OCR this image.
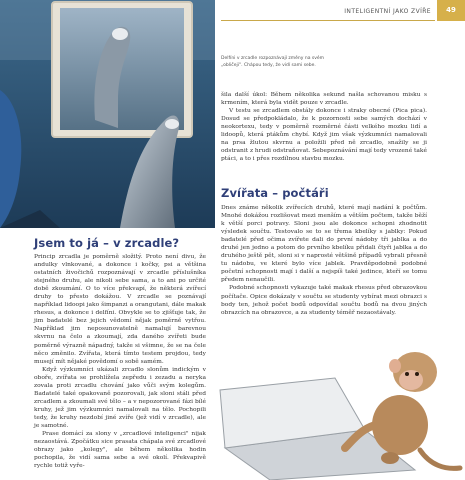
INTELIGENTNÍ JAKO ZVÍŘE	49
Delfíni v zrcadle rozpoznávají změny na svém „obličeji". Chápou tedy, že vidí sami sebe.

šila další úkol: Během několika sekund našla schovanou misku s krmením, která byla vidět pouze v zrcadle.

V testu se zrcadlem obstály dokonce i straky obecné (Pica pica). Dosud se předpokládalo, že k pozornosti sebe samých dochází v neokortexu, tedy v poměrně rozměrné části velkého mozku lidí a lidoopů, která ptákům chybí. Když jim však výzkumníci namalovali na prsa žlutou skvrnu a položili před ně zrcadlo, snažily se ji odstranit z hrudi odstraňovat. Sebepoznávání mají tedy vrozené také ptáci, a to i přes rozdílnou stavbu mozku.

Zvířata – počtáři

Dnes známe několik zvířecích druhů, které mají nadání k počtům. Mnohé dokážou rozlišovat mezi menším a větším počtem, takže běží k větší porci potravy. Sloni jsou ale dokonce schopni zhodnotit výsledek součtu. Testovalo se to se třema kbelíky s jablky: Pokud badatelé před očima zvířete dali do první nádoby tři jablka a do druhé jen jedno a potom do prvního kbelíku přidali čtyři jablka a do druhého ještě pět, sloni si v naprosté většině případů vybrali přesně tu nádobu, ve které bylo více jablek. Pravděpodobně podobné početní schopnosti mají i další a nejspíš také jedince, kteří se tomu předem nenaučili.

Podobné schopnosti vykazuje také makak rhesus před obrazovkou počítače. Opice dokázaly v součtu se studenty vybírat mezi obrazci s body ten, jehož počet bodů odpovídal součtu bodů na dvou jiných obrazcích na obrazovce, a za studenty téměř nezaostávaly.

Jsem to já – v zrcadle?

Princip zrcadla je poměrně složitý. Proto není divu, že andulky vlnkované, a dokonce i kočky, psi a většina ostatních živočichů rozpoznávají v zrcadle příslušníka stejného druhu, ale nikoli sebe sama, a to ani po určité době zkoumání. O to více překvapí, že některá zvířecí druhy to přesto dokážou. V zrcadle se poznávají například lidoopi jako šimpanzi a orangutani, dále makak rhesus, a dokonce i delfíni. Obvykle se to zjišťuje tak, že jim badatelé bez jejich vědomí nějak poměrně vytřou. Například jim neposunovatelně namalují barevnou skvrnu na čelo a zkoumají, zda daného zvířeti bude poměrně výrazně nápadný, takže si všimne, že se na čele něco změnilo. Zvířata, která tímto testem projdou, tedy musejí mít nějaké povědomí o sobě samém.

Když výzkumníci ukázali zrcadlo slonům indickým v oboře, zvířata se prohlížela zepředu i zezadu a neryka zovala proti zrcadlu chování jako vůči svým kolegům. Badatelé také opakovaně pozorovali, jak sloni stáli před zrcadlem a zkoumali své tělo – a v nepozorované fázi bílé kruhy, jež jim výzkumníci namalovali na tělo. Pochopili tedy, že kruhy nezdobí jiné zvíře (jež vidí v zrcadle), ale je samotné.

Prase domácí za slony v „zrcadlové inteligenci" nijak nezaostává. Zpočátku sice prasata chápala své zrcadlové obrazy jako „kolegy", ale během několika hodin pochopila, že vidí sama sebe a své okolí. Překvapivě rychle totiž vyře-
